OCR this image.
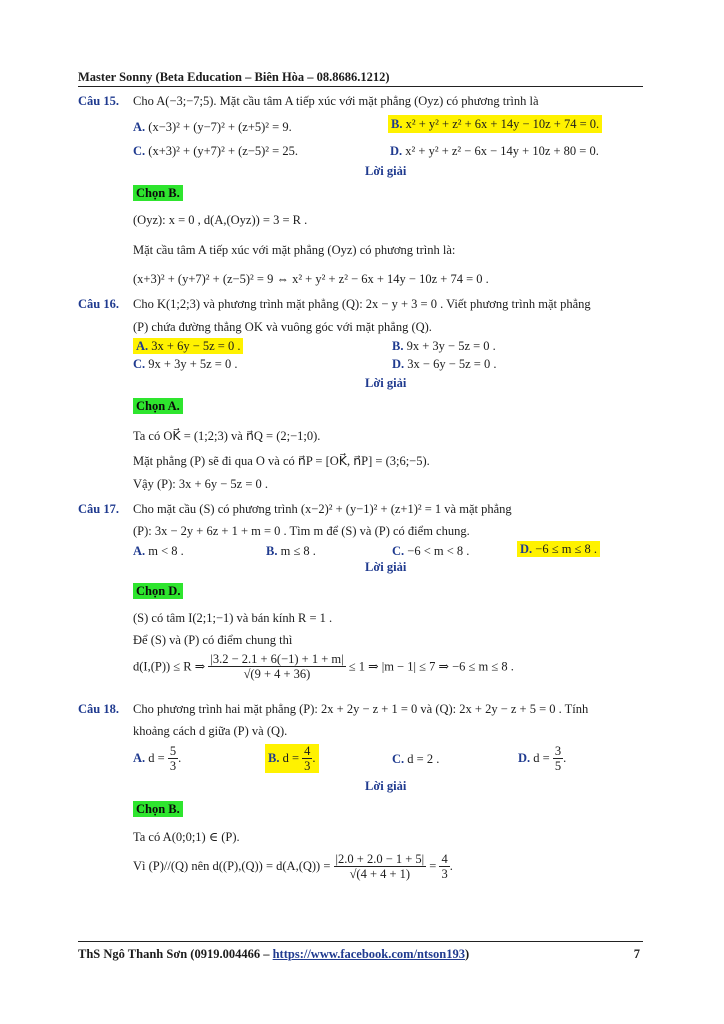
Master Sonny (Beta Education – Biên Hòa – 08.8686.1212)
Câu 15. Cho A(−3;−7;5). Mặt cầu tâm A tiếp xúc với mặt phẳng (Oyz) có phương trình là
A. (x−3)² + (y−7)² + (z+5)² = 9.	B. x² + y² + z² + 6x + 14y − 10z + 74 = 0.
C. (x+3)² + (y+7)² + (z−5)² = 25.	D. x² + y² + z² − 6x − 14y + 10z + 80 = 0.
Lời giải
Chọn B.
(Oyz): x = 0 , d(A,(Oyz)) = 3 = R .
Mặt cầu tâm A tiếp xúc với mặt phẳng (Oyz) có phương trình là:
(x+3)² + (y+7)² + (z−5)² = 9 ⇔ x² + y² + z² − 6x + 14y − 10z + 74 = 0 .
Câu 16. Cho K(1;2;3) và phương trình mặt phẳng (Q): 2x − y + 3 = 0 . Viết phương trình mặt phẳng
(P) chứa đường thẳng OK và vuông góc với mặt phẳng (Q).
A. 3x + 6y − 5z = 0 .	B. 9x + 3y − 5z = 0 .
C. 9x + 3y + 5z = 0 .	D. 3x − 6y − 5z = 0 .
Lời giải
Chọn A.
Ta có OK⃗ = (1;2;3) và n⃗Q = (2;−1;0).
Mặt phẳng (P) sẽ đi qua O và có n⃗P = [OK⃗, n⃗P] = (3;6;−5).
Vậy (P): 3x + 6y − 5z = 0 .
Câu 17. Cho mặt cầu (S) có phương trình (x−2)² + (y−1)² + (z+1)² = 1 và mặt phẳng
(P): 3x − 2y + 6z + 1 + m = 0 . Tìm m để (S) và (P) có điểm chung.
A. m < 8 .	B. m ≤ 8 .	C. −6 < m < 8 .	D. −6 ≤ m ≤ 8 .
Lời giải
Chọn D.
(S) có tâm I(2;1;−1) và bán kính R = 1 .
Để (S) và (P) có điểm chung thì
d(I,(P)) ≤ R ⇒ $\frac{|3.2 - 2.1 + 6(-1) + 1 + m|}{√(9 + 4 + 36)} \le 1$ ⇒ |m − 1| ≤ 7 ⇒ −6 ≤ m ≤ 8 .
Câu 18. Cho phương trình hai mặt phẳng (P): 2x + 2y − z + 1 = 0 và (Q): 2x + 2y − z + 5 = 0 . Tính
khoảng cách d giữa (P) và (Q).
A. $d = \frac{5}{3}$ .	B. $d = \frac{4}{3}$ .	C. d = 2 .	D. $d = \frac{3}{5}$ .
Lời giải
Chọn B.
Ta có A(0;0;1) ∈ (P).
Vì (P)//(Q) nên $d((P),(Q)) = d(A,(Q)) = \frac{|2.0 + 2.0 - 1 + 5|}{√(4 + 4 + 1)} = \frac{4}{3}$ .
ThS Ngô Thanh Sơn (0919.004466 – https://www.facebook.com/ntson193)	7
